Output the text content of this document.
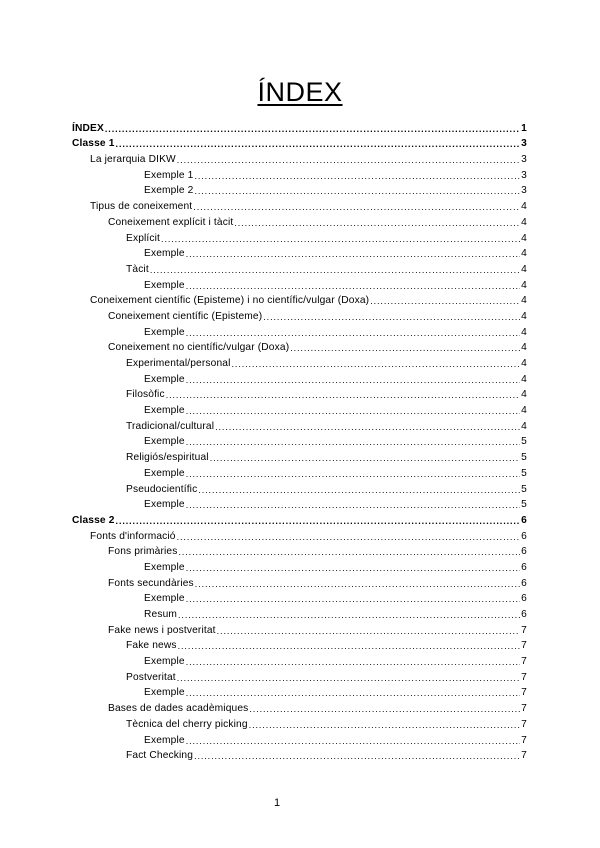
ÍNDEX
ÍNDEX .....	1
Classe 1 .....	3
La jerarquia DIKW .....	3
Exemple 1 .....	3
Exemple 2 .....	3
Tipus de coneixement .....	4
Coneixement explícit i tàcit .....	4
Explícit .....	4
Exemple .....	4
Tàcit .....	4
Exemple .....	4
Coneixement científic (Episteme) i no científic/vulgar (Doxa) .....	4
Coneixement científic (Episteme) .....	4
Exemple .....	4
Coneixement no científic/vulgar (Doxa) .....	4
Experimental/personal .....	4
Exemple .....	4
Filosòfic .....	4
Exemple .....	4
Tradicional/cultural .....	4
Exemple .....	5
Religiós/espiritual .....	5
Exemple .....	5
Pseudocientífic .....	5
Exemple .....	5
Classe 2 .....	6
Fonts d'informació .....	6
Fons primàries .....	6
Exemple .....	6
Fonts secundàries .....	6
Exemple .....	6
Resum .....	6
Fake news i postveritat .....	7
Fake news .....	7
Exemple .....	7
Postveritat .....	7
Exemple .....	7
Bases de dades acadèmiques .....	7
Tècnica del cherry picking .....	7
Exemple .....	7
Fact Checking .....	7
1
